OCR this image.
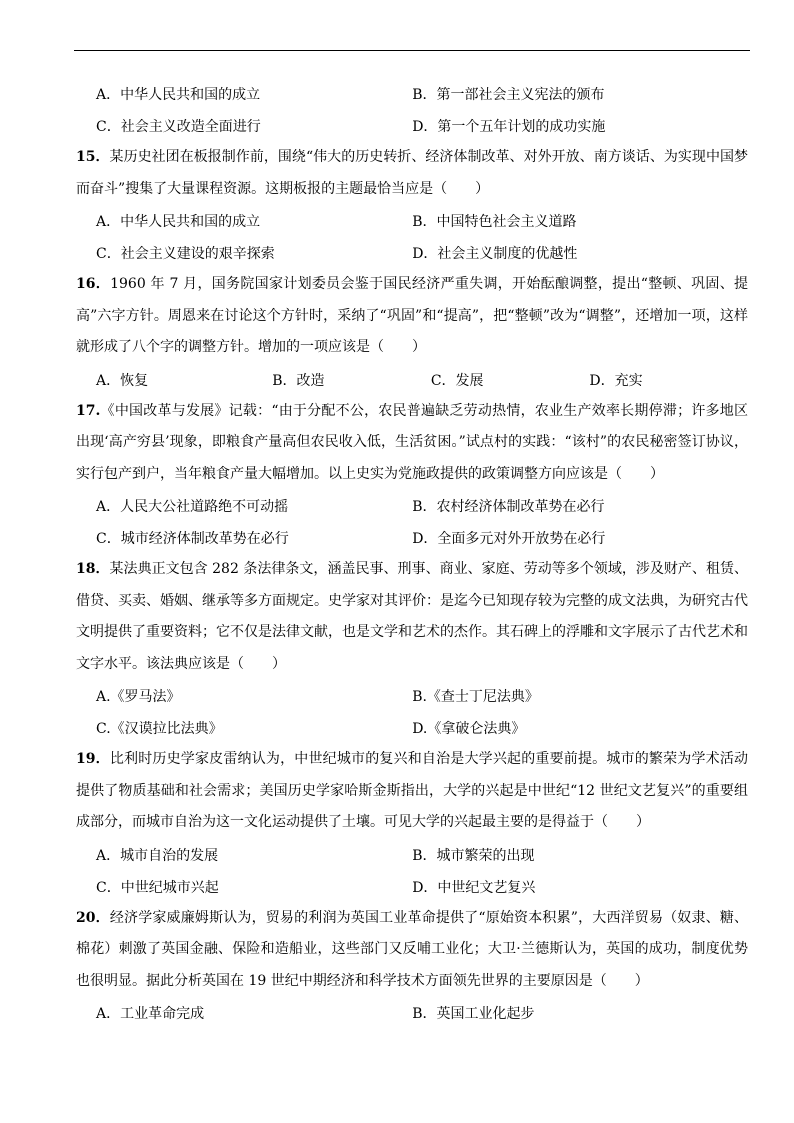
A．中华人民共和国的成立	B．第一部社会主义宪法的颁布
C．社会主义改造全面进行	D．第一个五年计划的成功实施

15．某历史社团在板报制作前，围绕“伟大的历史转折、经济体制改革、对外开放、南方谈话、为实现中国梦而奋斗”搜集了大量课程资源。这期板报的主题最恰当应是（　　）

A．中华人民共和国的成立	B．中国特色社会主义道路
C．社会主义建设的艰辛探索	D．社会主义制度的优越性

16．1960 年 7 月，国务院国家计划委员会鉴于国民经济严重失调，开始酝酿调整，提出“整顿、巩固、提高”六字方针。周恩来在讨论这个方针时，采纳了“巩固”和“提高”，把“整顿”改为“调整”，还增加一项，这样就形成了八个字的调整方针。增加的一项应该是（　　）

A．恢复	B．改造	C．发展	D．充实

17.《中国改革与发展》记载：“由于分配不公，农民普遍缺乏劳动热情，农业生产效率长期停滞；许多地区出现‘高产穷县’现象，即粮食产量高但农民收入低，生活贫困。”试点村的实践：“该村”的农民秘密签订协议，实行包产到户，当年粮食产量大幅增加。以上史实为党施政提供的政策调整方向应该是（　　）

A．人民大公社道路绝不可动摇	B．农村经济体制改革势在必行
C．城市经济体制改革势在必行	D．全面多元对外开放势在必行

18．某法典正文包含 282 条法律条文，涵盖民事、刑事、商业、家庭、劳动等多个领域，涉及财产、租赁、借贷、买卖、婚姻、继承等多方面规定。史学家对其评价：是迄今已知现存较为完整的成文法典，为研究古代文明提供了重要资料；它不仅是法律文献，也是文学和艺术的杰作。其石碑上的浮雕和文字展示了古代艺术和文字水平。该法典应该是（　　）

A.《罗马法》	B.《查士丁尼法典》
C.《汉谟拉比法典》	D.《拿破仑法典》

19．比利时历史学家皮雷纳认为，中世纪城市的复兴和自治是大学兴起的重要前提。城市的繁荣为学术活动提供了物质基础和社会需求；美国历史学家哈斯金斯指出，大学的兴起是中世纪“12 世纪文艺复兴”的重要组成部分，而城市自治为这一文化运动提供了土壤。可见大学的兴起最主要的是得益于（　　）

A．城市自治的发展	B．城市繁荣的出现
C．中世纪城市兴起	D．中世纪文艺复兴

20．经济学家威廉姆斯认为，贸易的利润为英国工业革命提供了“原始资本积累”，大西洋贸易（奴隶、糖、棉花）刺激了英国金融、保险和造船业，这些部门又反哺工业化；大卫·兰德斯认为，英国的成功，制度优势也很明显。据此分析英国在 19 世纪中期经济和科学技术方面领先世界的主要原因是（　　）

A．工业革命完成	B．英国工业化起步
